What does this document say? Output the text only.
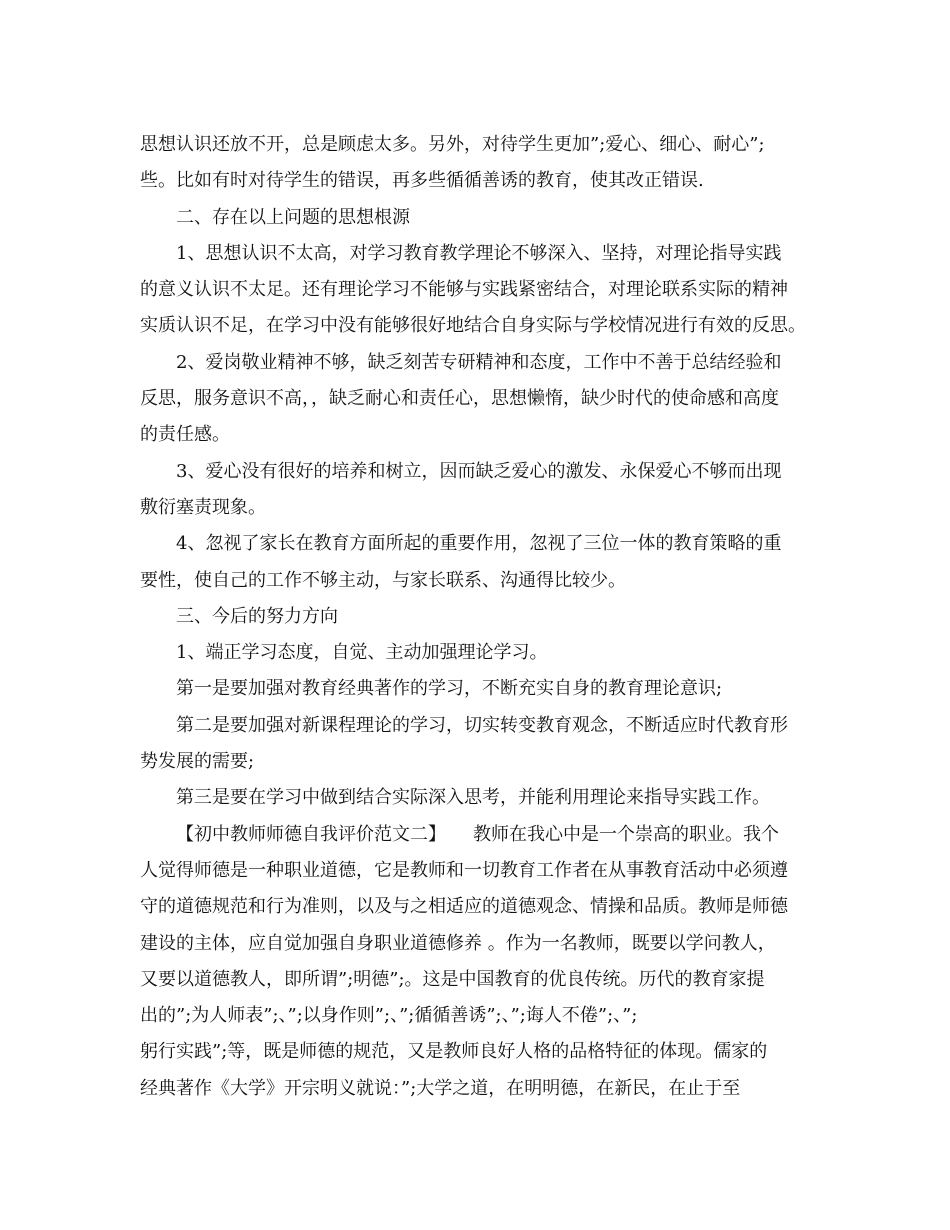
思想认识还放不开，总是顾虑太多。另外，对待学生更加”;爱心、细心、耐心”;
些。比如有时对待学生的错误，再多些循循善诱的教育，使其改正错误.
二、存在以上问题的思想根源
1、思想认识不太高，对学习教育教学理论不够深入、坚持，对理论指导实践
的意义认识不太足。还有理论学习不能够与实践紧密结合，对理论联系实际的精神
实质认识不足，在学习中没有能够很好地结合自身实际与学校情况进行有效的反思。
2、爱岗敬业精神不够，缺乏刻苦专研精神和态度，工作中不善于总结经验和
反思，服务意识不高，，缺乏耐心和责任心，思想懒惰，缺少时代的使命感和高度
的责任感。
3、爱心没有很好的培养和树立，因而缺乏爱心的激发、永保爱心不够而出现
敷衍塞责现象。
4、忽视了家长在教育方面所起的重要作用，忽视了三位一体的教育策略的重
要性，使自己的工作不够主动，与家长联系、沟通得比较少。
三、今后的努力方向
1、端正学习态度，自觉、主动加强理论学习。
第一是要加强对教育经典著作的学习，不断充实自身的教育理论意识;
第二是要加强对新课程理论的学习，切实转变教育观念，不断适应时代教育形
势发展的需要;
第三是要在学习中做到结合实际深入思考，并能利用理论来指导实践工作。
【初中教师师德自我评价范文二】　　教师在我心中是一个崇高的职业。我个
人觉得师德是一种职业道德，它是教师和一切教育工作者在从事教育活动中必须遵
守的道德规范和行为准则，以及与之相适应的道德观念、情操和品质。教师是师德
建设的主体，应自觉加强自身职业道德修养 。作为一名教师，既要以学问教人，
又要以道德教人，即所谓”;明德”;。这是中国教育的优良传统。历代的教育家提
出的”;为人师表”;、”;以身作则”;、”;循循善诱”;、”;诲人不倦”;、”;
躬行实践”;等，既是师德的规范，又是教师良好人格的品格特征的体现。儒家的
经典著作《大学》开宗明义就说：”;大学之道，在明明德，在新民，在止于至
